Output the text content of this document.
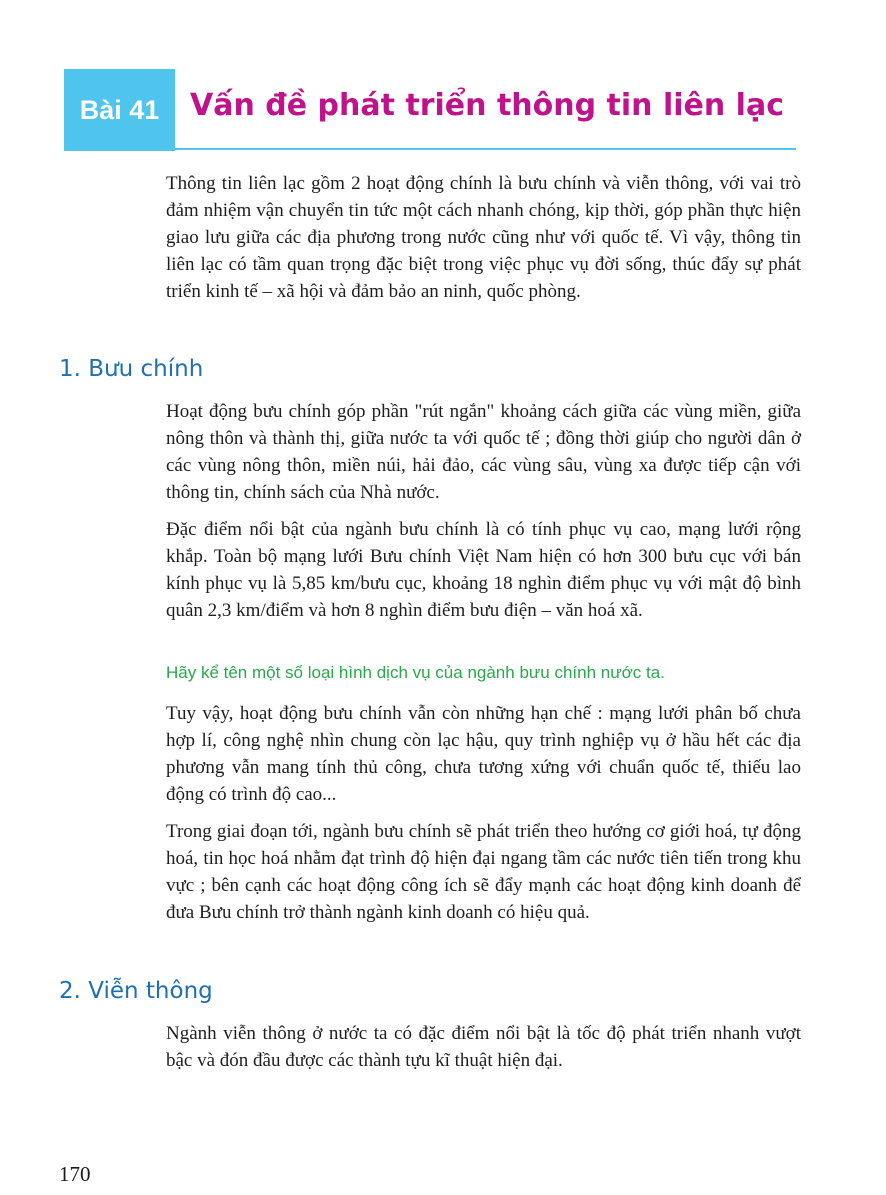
Bài 41	Vấn đề phát triển thông tin liên lạc

Thông tin liên lạc gồm 2 hoạt động chính là bưu chính và viễn thông, với vai trò đảm nhiệm vận chuyển tin tức một cách nhanh chóng, kịp thời, góp phần thực hiện giao lưu giữa các địa phương trong nước cũng như với quốc tế. Vì vậy, thông tin liên lạc có tầm quan trọng đặc biệt trong việc phục vụ đời sống, thúc đẩy sự phát triển kinh tế – xã hội và đảm bảo an ninh, quốc phòng.

1. Bưu chính

Hoạt động bưu chính góp phần "rút ngắn" khoảng cách giữa các vùng miền, giữa nông thôn và thành thị, giữa nước ta với quốc tế ; đồng thời giúp cho người dân ở các vùng nông thôn, miền núi, hải đảo, các vùng sâu, vùng xa được tiếp cận với thông tin, chính sách của Nhà nước.

Đặc điểm nổi bật của ngành bưu chính là có tính phục vụ cao, mạng lưới rộng khắp. Toàn bộ mạng lưới Bưu chính Việt Nam hiện có hơn 300 bưu cục với bán kính phục vụ là 5,85 km/bưu cục, khoảng 18 nghìn điểm phục vụ với mật độ bình quân 2,3 km/điểm và hơn 8 nghìn điểm bưu điện – văn hoá xã.

Hãy kể tên một số loại hình dịch vụ của ngành bưu chính nước ta.

Tuy vậy, hoạt động bưu chính vẫn còn những hạn chế : mạng lưới phân bố chưa hợp lí, công nghệ nhìn chung còn lạc hậu, quy trình nghiệp vụ ở hầu hết các địa phương vẫn mang tính thủ công, chưa tương xứng với chuẩn quốc tế, thiếu lao động có trình độ cao...

Trong giai đoạn tới, ngành bưu chính sẽ phát triển theo hướng cơ giới hoá, tự động hoá, tin học hoá nhằm đạt trình độ hiện đại ngang tầm các nước tiên tiến trong khu vực ; bên cạnh các hoạt động công ích sẽ đẩy mạnh các hoạt động kinh doanh để đưa Bưu chính trở thành ngành kinh doanh có hiệu quả.

2. Viễn thông

Ngành viễn thông ở nước ta có đặc điểm nổi bật là tốc độ phát triển nhanh vượt bậc và đón đầu được các thành tựu kĩ thuật hiện đại.

170
